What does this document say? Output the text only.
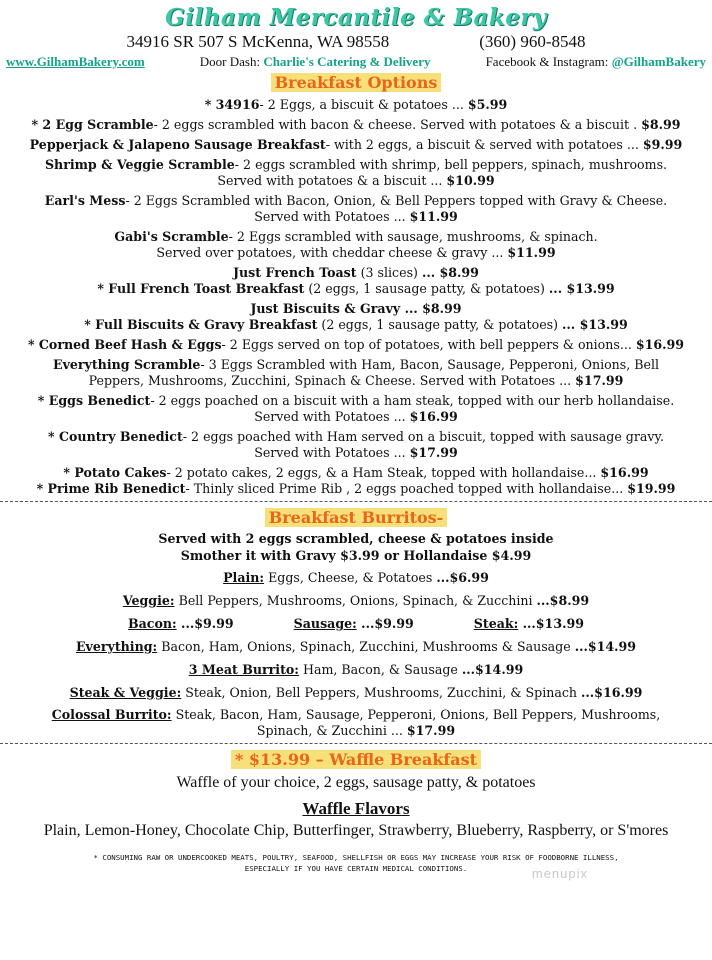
Gilham Mercantile & Bakery
34916 SR 507 S McKenna, WA 98558	(360) 960-8548
www.GilhamBakery.com	Door Dash: Charlie's Catering & Delivery	Facebook & Instagram: @GilhamBakery
Breakfast Options
* 34916- 2 Eggs, a biscuit & potatoes ... $5.99
* 2 Egg Scramble- 2 eggs scrambled with bacon & cheese. Served with potatoes & a biscuit . $8.99
Pepperjack & Jalapeno Sausage Breakfast- with 2 eggs, a biscuit & served with potatoes ... $9.99
Shrimp & Veggie Scramble- 2 eggs scrambled with shrimp, bell peppers, spinach, mushrooms.
Served with potatoes & a biscuit ... $10.99
Earl's Mess- 2 Eggs Scrambled with Bacon, Onion, & Bell Peppers topped with Gravy & Cheese.
Served with Potatoes ... $11.99
Gabi's Scramble- 2 Eggs scrambled with sausage, mushrooms, & spinach.
Served over potatoes, with cheddar cheese & gravy ... $11.99
Just French Toast (3 slices) ... $8.99
* Full French Toast Breakfast (2 eggs, 1 sausage patty, & potatoes) ... $13.99
Just Biscuits & Gravy ... $8.99
* Full Biscuits & Gravy Breakfast (2 eggs, 1 sausage patty, & potatoes) ... $13.99
* Corned Beef Hash & Eggs- 2 Eggs served on top of potatoes, with bell peppers & onions... $16.99
Everything Scramble- 3 Eggs Scrambled with Ham, Bacon, Sausage, Pepperoni, Onions, Bell
Peppers, Mushrooms, Zucchini, Spinach & Cheese. Served with Potatoes ... $17.99
* Eggs Benedict- 2 eggs poached on a biscuit with a ham steak, topped with our herb hollandaise.
Served with Potatoes ... $16.99
* Country Benedict- 2 eggs poached with Ham served on a biscuit, topped with sausage gravy.
Served with Potatoes ... $17.99
* Potato Cakes- 2 potato cakes, 2 eggs, & a Ham Steak, topped with hollandaise... $16.99
* Prime Rib Benedict- Thinly sliced Prime Rib , 2 eggs poached topped with hollandaise... $19.99
Breakfast Burritos-
Served with 2 eggs scrambled, cheese & potatoes inside
Smother it with Gravy $3.99 or Hollandaise $4.99
Plain: Eggs, Cheese, & Potatoes ...$6.99
Veggie: Bell Peppers, Mushrooms, Onions, Spinach, & Zucchini ...$8.99
Bacon: ...$9.99	Sausage: ...$9.99	Steak: ...$13.99
Everything: Bacon, Ham, Onions, Spinach, Zucchini, Mushrooms & Sausage ...$14.99
3 Meat Burrito: Ham, Bacon, & Sausage ...$14.99
Steak & Veggie: Steak, Onion, Bell Peppers, Mushrooms, Zucchini, & Spinach ...$16.99
Colossal Burrito: Steak, Bacon, Ham, Sausage, Pepperoni, Onions, Bell Peppers, Mushrooms,
Spinach, & Zucchini ... $17.99
* $13.99 – Waffle Breakfast
Waffle of your choice, 2 eggs, sausage patty, & potatoes
Waffle Flavors
Plain, Lemon-Honey, Chocolate Chip, Butterfinger, Strawberry, Blueberry, Raspberry, or S'mores
* CONSUMING RAW OR UNDERCOOKED MEATS, POULTRY, SEAFOOD, SHELLFISH OR EGGS MAY INCREASE YOUR RISK OF FOODBORNE ILLNESS,
ESPECIALLY IF YOU HAVE CERTAIN MEDICAL CONDITIONS.	menupix
